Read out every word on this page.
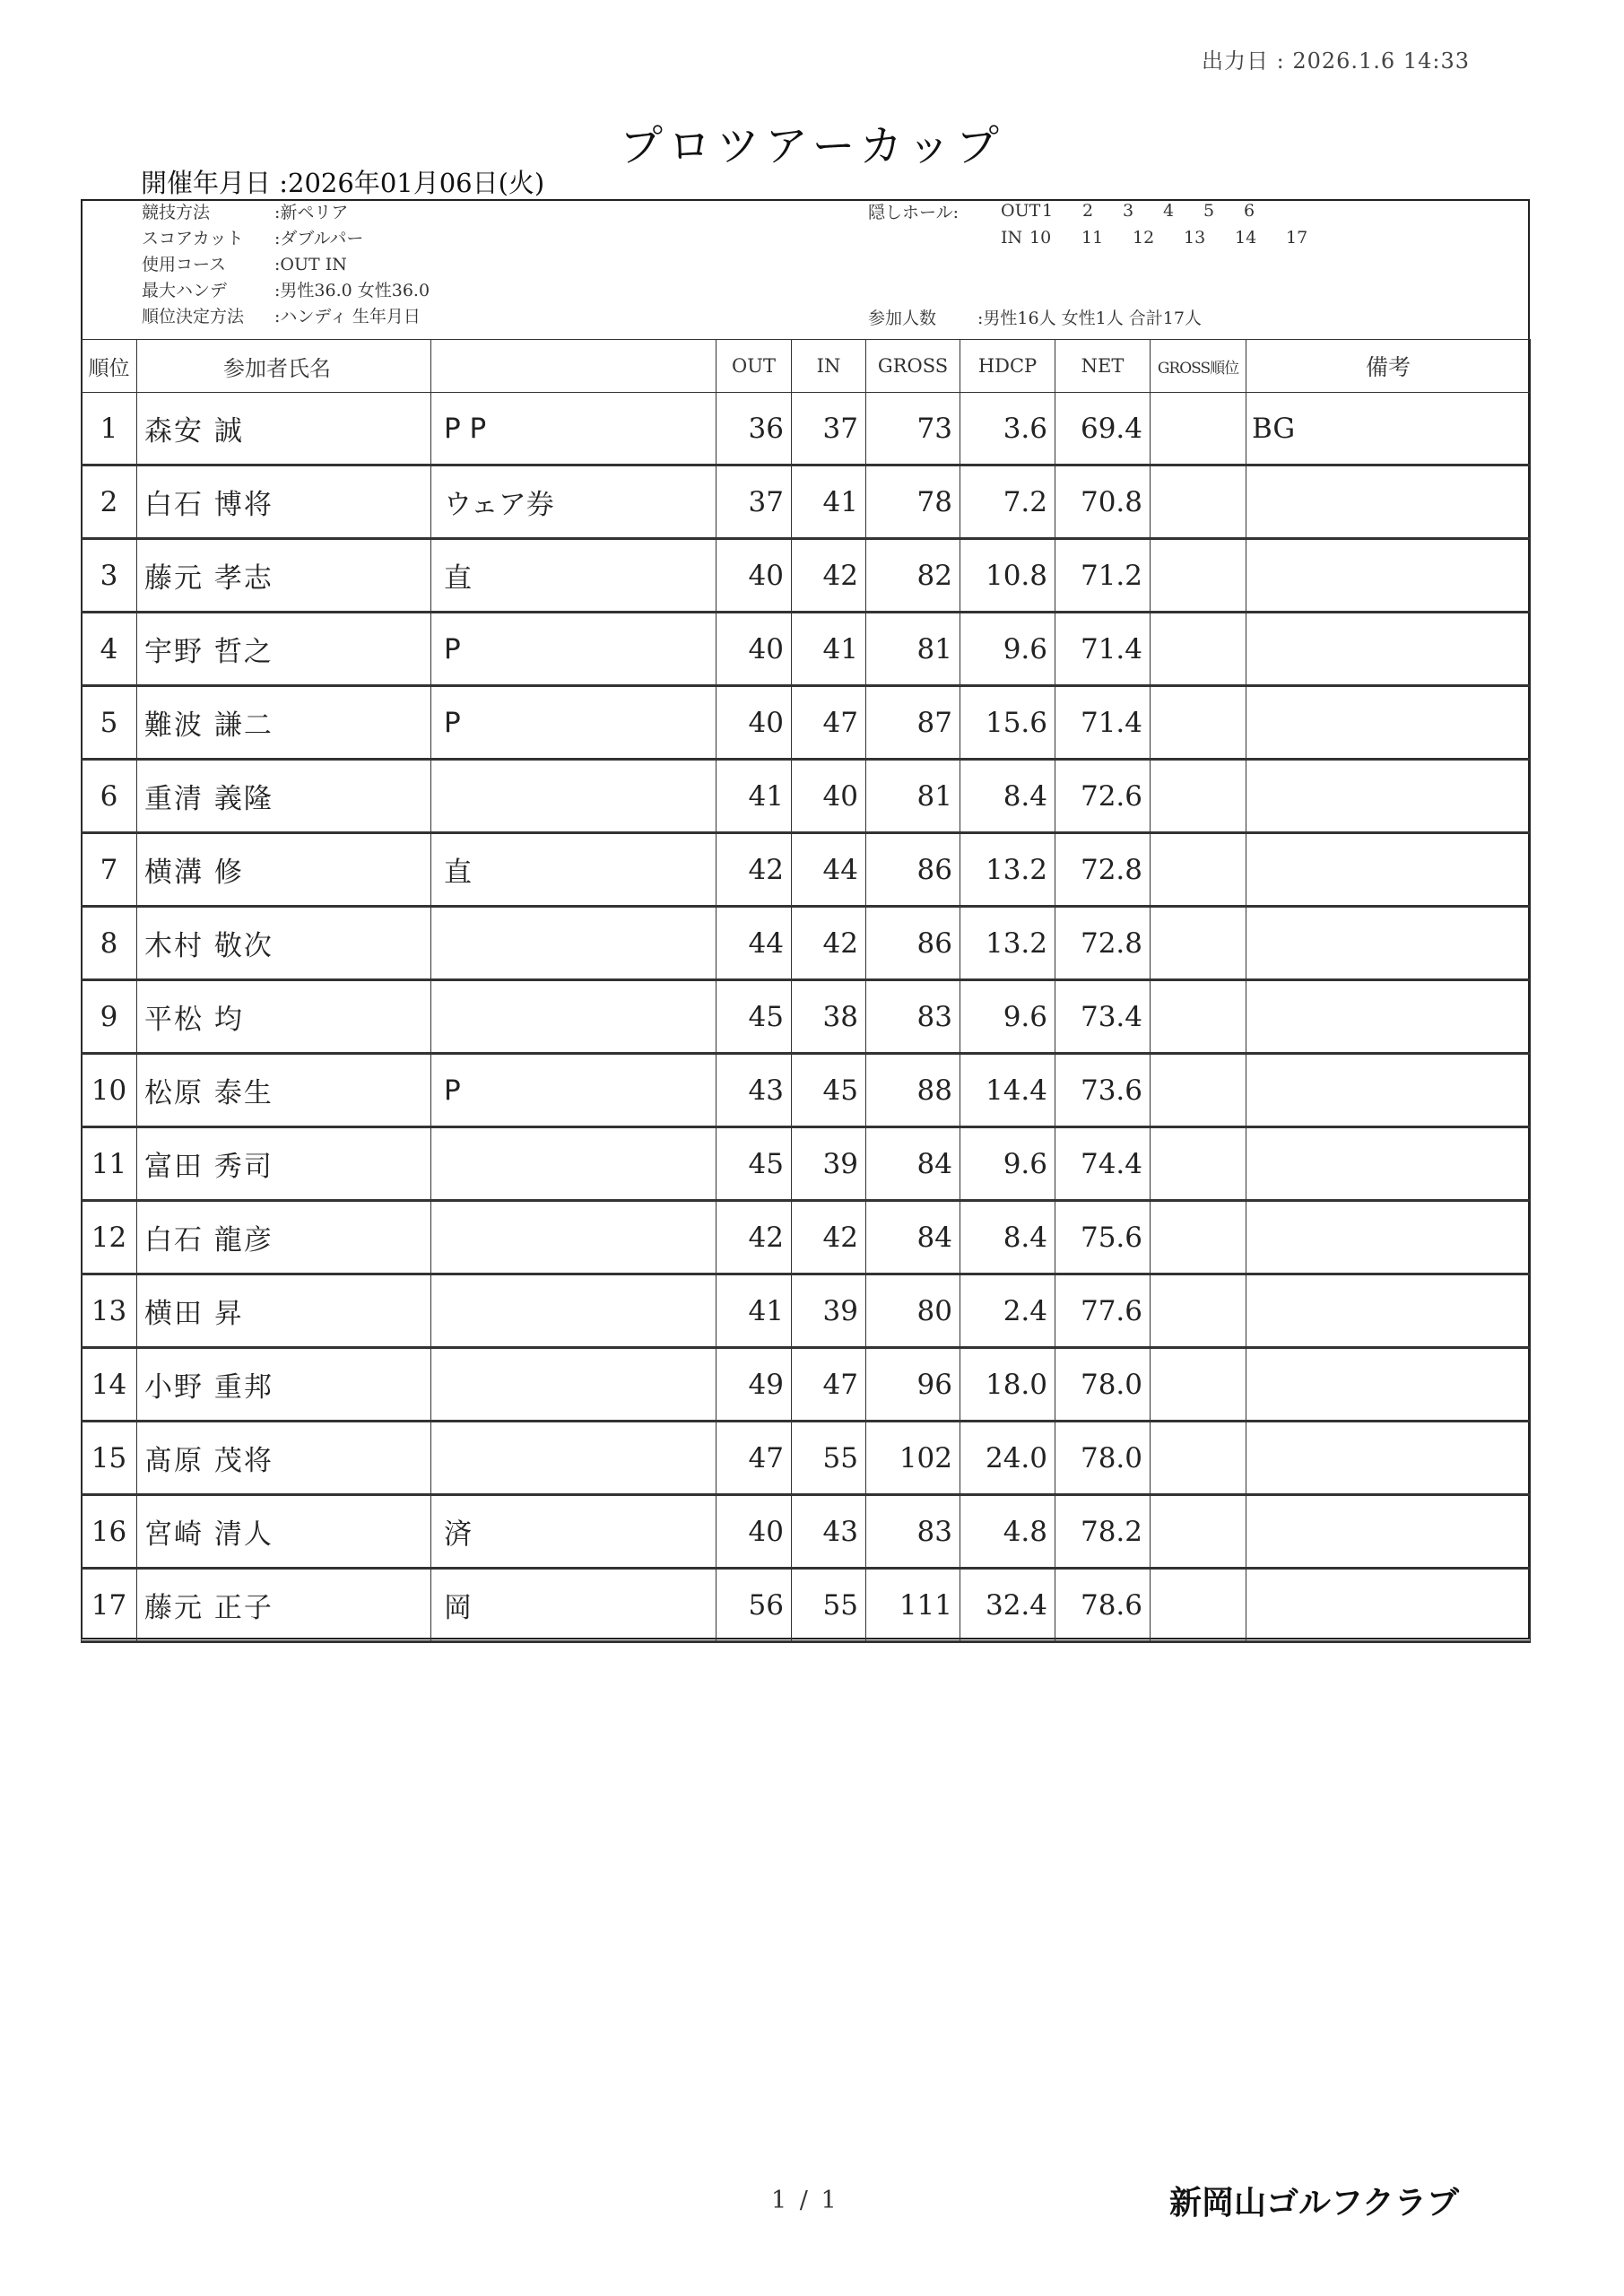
出力日 : 2026.1.6 14:33
プロツアーカップ
開催年月日 :2026年01月06日(火)
競技方法	:新ペリア
スコアカット :ダブルパー
使用コース	:OUT IN
最大ハンデ	:男性36.0 女性36.0
順位決定方法 :ハンディ 生年月日
隠しホール: OUT1 2 3 4 5 6
IN 10 11 12 13 14 17
参加人数 :男性16人 女性1人 合計17人
順位	参加者氏名		OUT	IN	GROSS	HDCP	NET	GROSS順位	備考
1	森安 誠	P P	36	37	73	3.6	69.4		BG
2	白石 博将	ウェア券	37	41	78	7.2	70.8		
3	藤元 孝志	直	40	42	82	10.8	71.2		
4	宇野 哲之	P	40	41	81	9.6	71.4		
5	難波 謙二	P	40	47	87	15.6	71.4		
6	重清 義隆		41	40	81	8.4	72.6		
7	横溝 修	直	42	44	86	13.2	72.8		
8	木村 敬次		44	42	86	13.2	72.8		
9	平松 均		45	38	83	9.6	73.4		
10	松原 泰生	P	43	45	88	14.4	73.6		
11	富田 秀司		45	39	84	9.6	74.4		
12	白石 龍彦		42	42	84	8.4	75.6		
13	横田 昇		41	39	80	2.4	77.6		
14	小野 重邦		49	47	96	18.0	78.0		
15	髙原 茂将		47	55	102	24.0	78.0		
16	宮崎 清人	済	40	43	83	4.8	78.2		
17	藤元 正子	岡	56	55	111	32.4	78.6		
1 / 1	新岡山ゴルフクラブ
